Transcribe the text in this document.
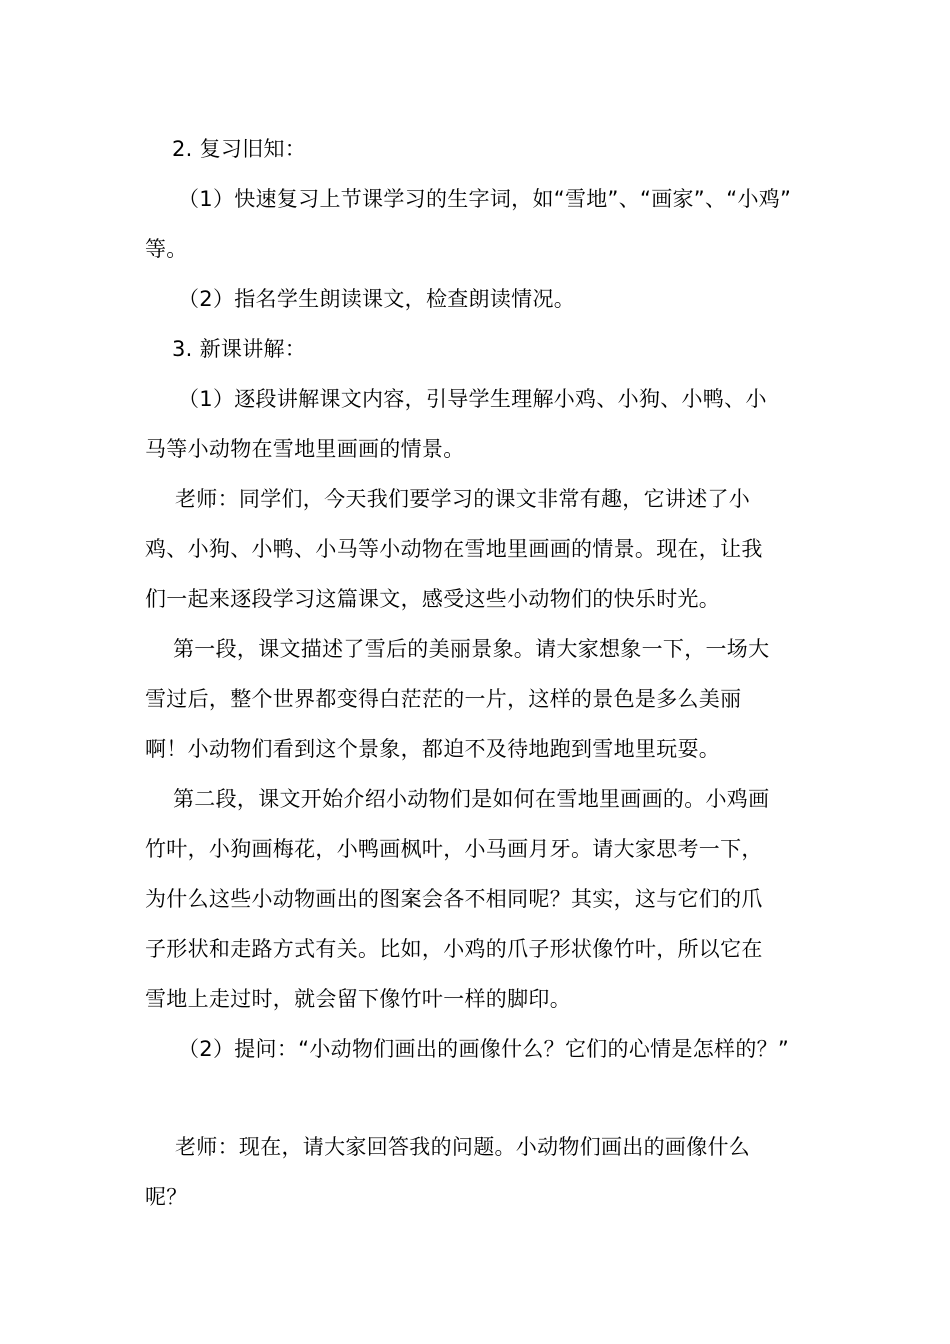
2. 复习旧知：
（1）快速复习上节课学习的生字词，如“雪地”、“画家”、“小鸡”
等。
（2）指名学生朗读课文，检查朗读情况。
3. 新课讲解：
（1）逐段讲解课文内容，引导学生理解小鸡、小狗、小鸭、小
马等小动物在雪地里画画的情景。
老师：同学们，今天我们要学习的课文非常有趣，它讲述了小
鸡、小狗、小鸭、小马等小动物在雪地里画画的情景。现在，让我
们一起来逐段学习这篇课文，感受这些小动物们的快乐时光。
第一段，课文描述了雪后的美丽景象。请大家想象一下，一场大
雪过后，整个世界都变得白茫茫的一片，这样的景色是多么美丽
啊！小动物们看到这个景象，都迫不及待地跑到雪地里玩耍。
第二段，课文开始介绍小动物们是如何在雪地里画画的。小鸡画
竹叶，小狗画梅花，小鸭画枫叶，小马画月牙。请大家思考一下，
为什么这些小动物画出的图案会各不相同呢？其实，这与它们的爪
子形状和走路方式有关。比如，小鸡的爪子形状像竹叶，所以它在
雪地上走过时，就会留下像竹叶一样的脚印。
（2）提问：“小动物们画出的画像什么？它们的心情是怎样的？”
老师：现在，请大家回答我的问题。小动物们画出的画像什么
呢？
